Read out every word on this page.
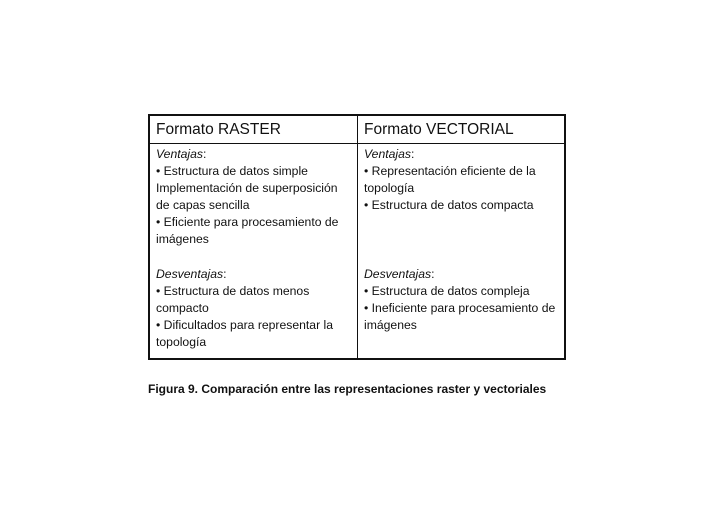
Formato RASTER	Formato VECTORIAL
Ventajas:
• Estructura de datos simple
Implementación de superposición de capas sencilla
• Eficiente para procesamiento de imágenes
Ventajas:
• Representación eficiente de la topología
• Estructura de datos compacta
Desventajas:
• Estructura de datos menos compacto
• Dificultados para representar la topología
Desventajas:
• Estructura de datos compleja
• Ineficiente para procesamiento de imágenes
Figura 9. Comparación entre las representaciones raster y vectoriales
